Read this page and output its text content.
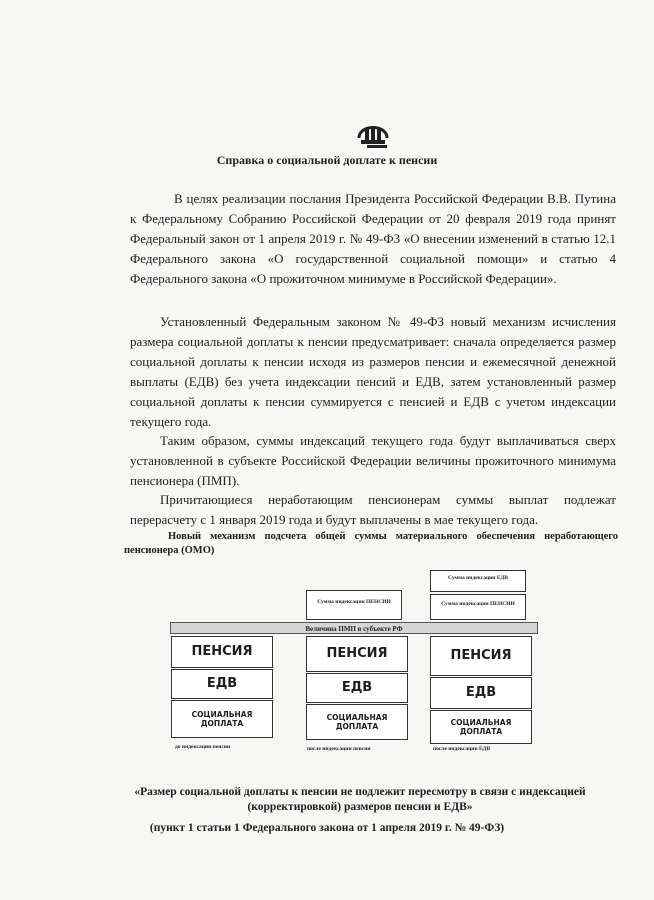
Справка о социальной доплате к пенсии

В целях реализации послания Президента Российской Федерации В.В. Путина к Федеральному Собранию Российской Федерации от 20 февраля 2019 года принят Федеральный закон от 1 апреля 2019 г. № 49-ФЗ «О внесении изменений в статью 12.1 Федерального закона «О государственной социальной помощи» и статью 4 Федерального закона «О прожиточном минимуме в Российской Федерации».

Установленный Федеральным законом № 49-ФЗ новый механизм исчисления размера социальной доплаты к пенсии предусматривает: сначала определяется размер социальной доплаты к пенсии исходя из размеров пенсии и ежемесячной денежной выплаты (ЕДВ) без учета индексации пенсий и ЕДВ, затем установленный размер социальной доплаты к пенсии суммируется с пенсией и ЕДВ с учетом индексации текущего года.

Таким образом, суммы индексаций текущего года будут выплачиваться сверх установленной в субъекте Российской Федерации величины прожиточного минимума пенсионера (ПМП).

Причитающиеся неработающим пенсионерам суммы выплат подлежат перерасчету с 1 января 2019 года и будут выплачены в мае текущего года.

Новый механизм подсчета общей суммы материального обеспечения неработающего пенсионера (ОМО)

Сумма индексации ЕДВ
Сумма индексации ПЕНСИИ
Сумма индексации ПЕНСИИ
Величина ПМП в субъекте РФ
ПЕНСИЯ
ЕДВ
СОЦИАЛЬНАЯ ДОПЛАТА
ПЕНСИЯ
ЕДВ
СОЦИАЛЬНАЯ ДОПЛАТА
ПЕНСИЯ
ЕДВ
СОЦИАЛЬНАЯ ДОПЛАТА
до индексации пенсии	после индексации пенсии	после индексации ЕДВ

«Размер социальной доплаты к пенсии не подлежит пересмотру в связи с индексацией (корректировкой) размеров пенсии и ЕДВ»

(пункт 1 статьи 1 Федерального закона от 1 апреля 2019 г. № 49-ФЗ)
